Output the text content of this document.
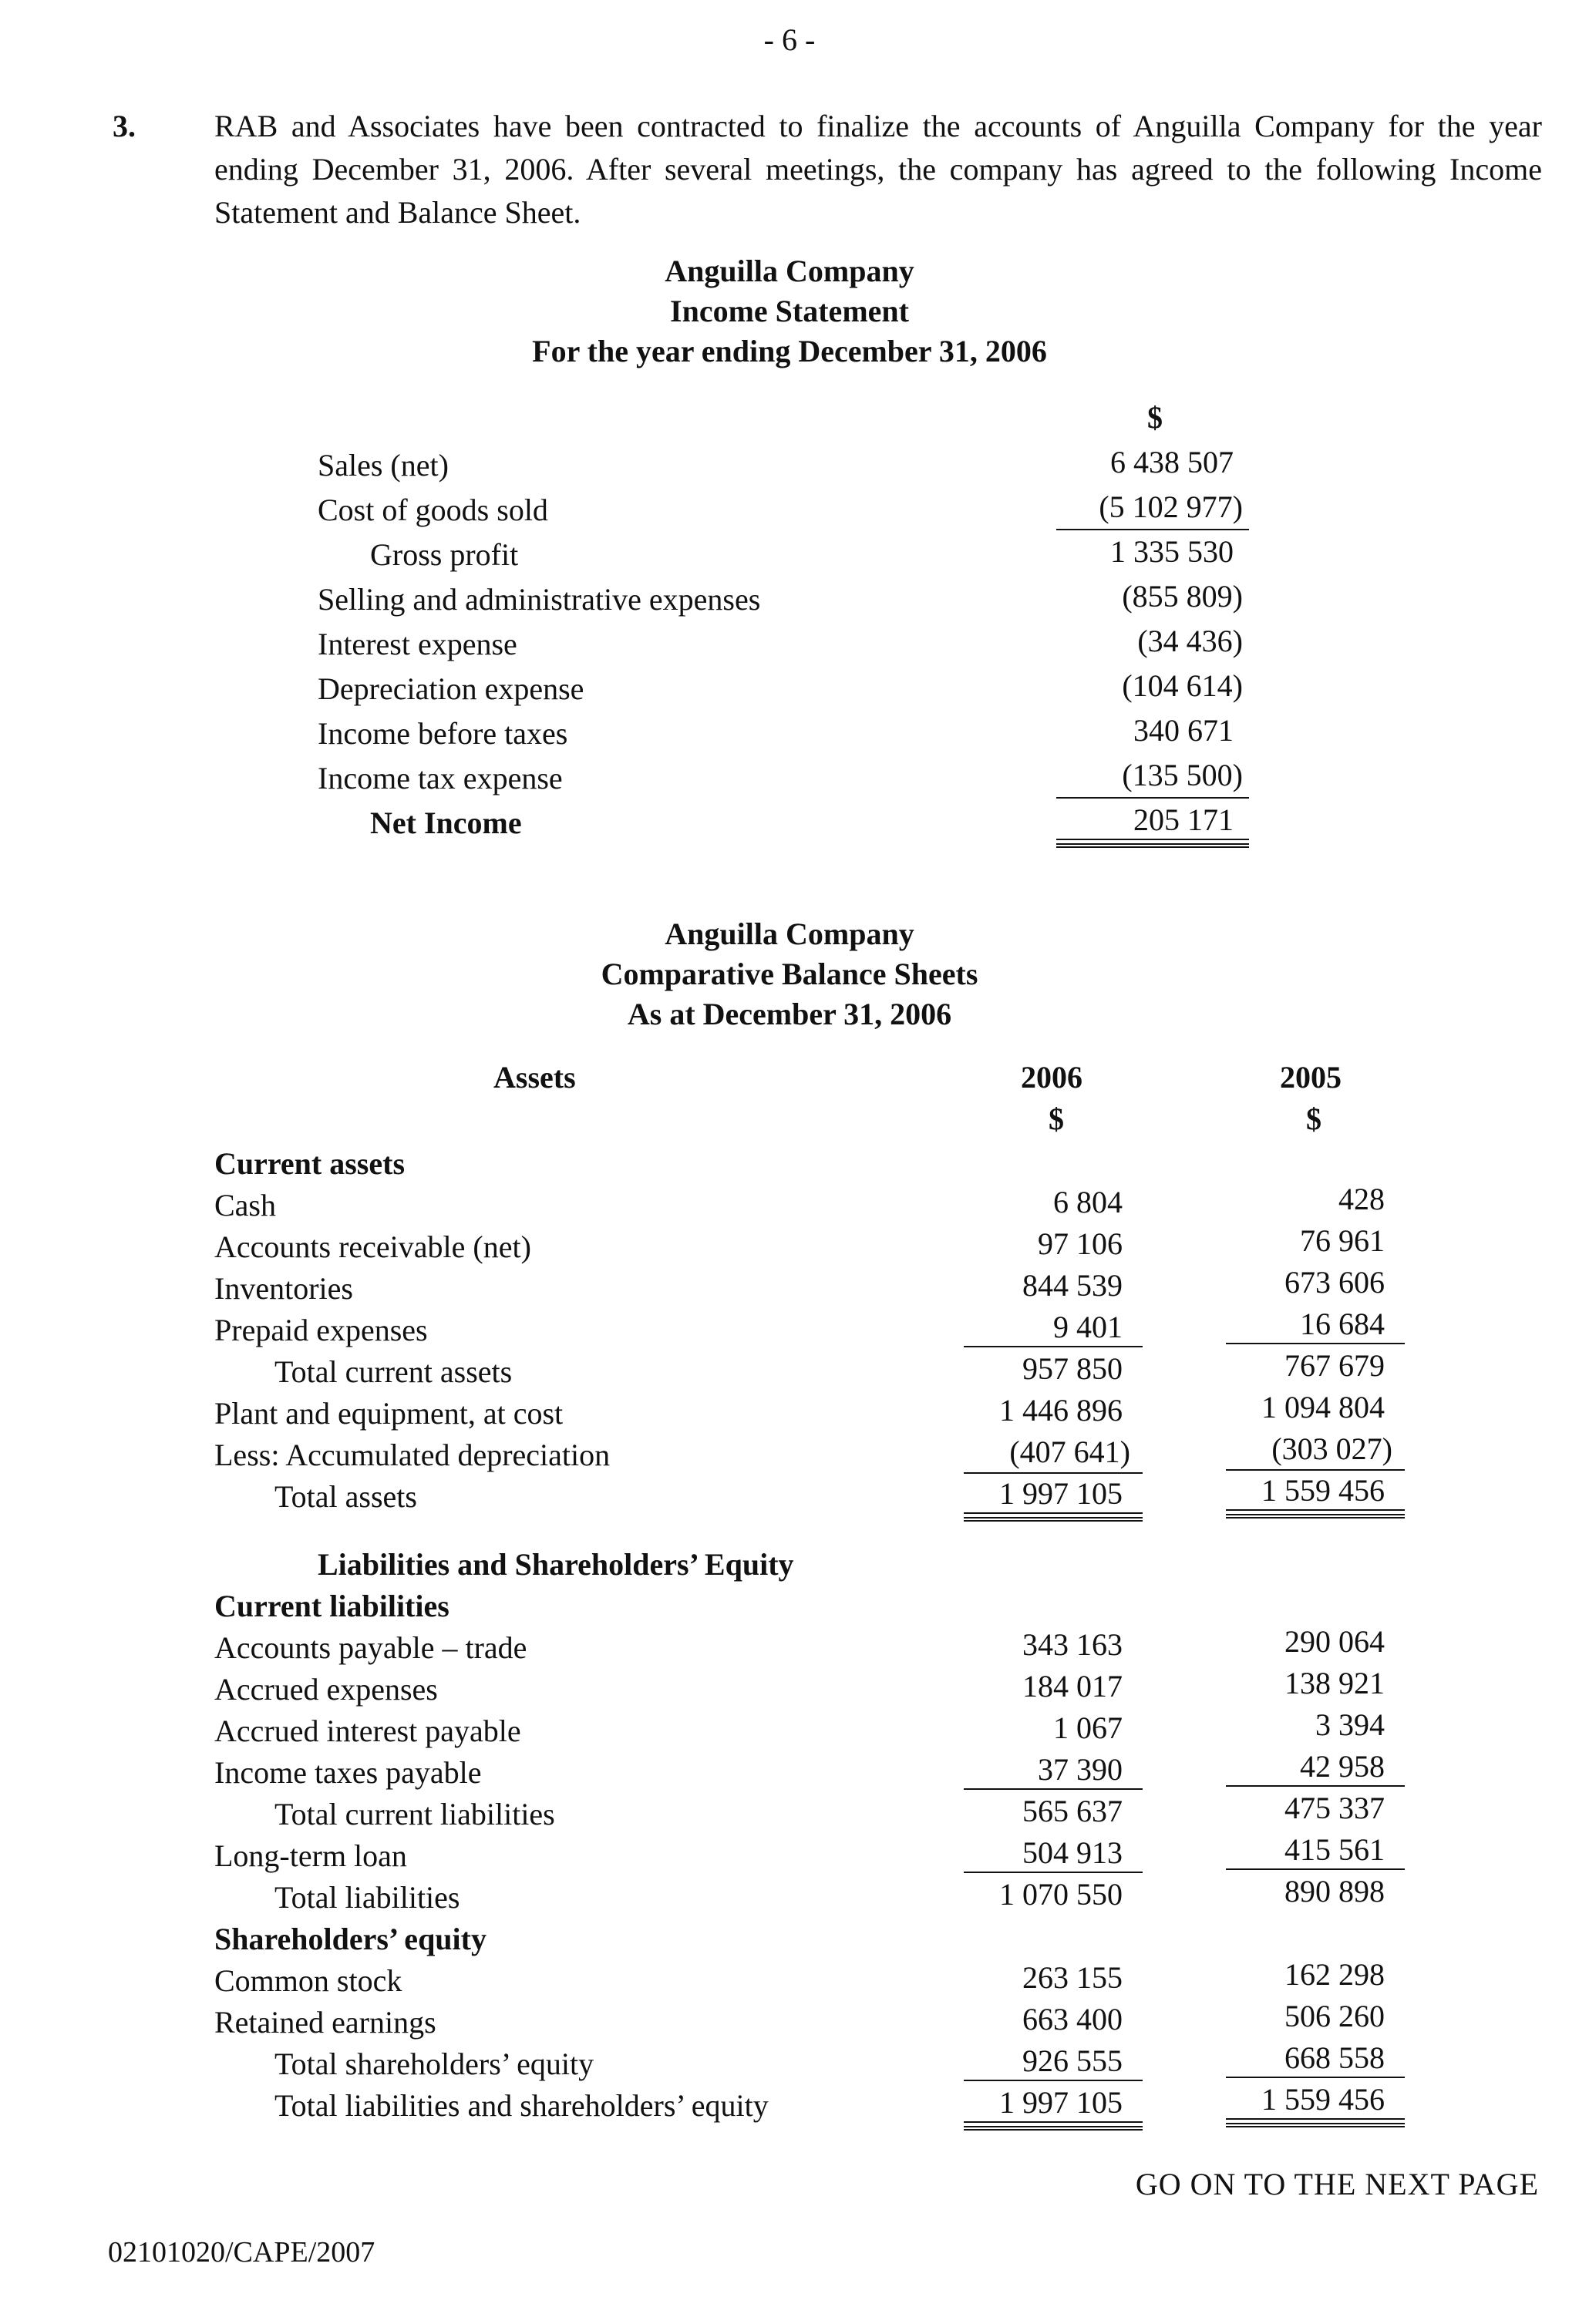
- 6 -
3.	RAB and Associates have been contracted to finalize the accounts of Anguilla Company for the year ending December 31, 2006. After several meetings, the company has agreed to the following Income Statement and Balance Sheet.

Anguilla Company
Income Statement
For the year ending December 31, 2006
$
Sales (net)	6 438 507
Cost of goods sold	(5 102 977)
Gross profit	1 335 530
Selling and administrative expenses	(855 809)
Interest expense	(34 436)
Depreciation expense	(104 614)
Income before taxes	340 671
Income tax expense	(135 500)
Net Income	205 171
Anguilla Company
Comparative Balance Sheets
As at December 31, 2006
Assets	2006	2005
$	$
Current assets
Cash	6 804	428
Accounts receivable (net)	97 106	76 961
Inventories	844 539	673 606
Prepaid expenses	9 401	16 684
Total current assets	957 850	767 679
Plant and equipment, at cost	1 446 896	1 094 804
Less: Accumulated depreciation	(407 641)	(303 027)
Total assets	1 997 105	1 559 456
Liabilities and Shareholders’ Equity
Current liabilities
Accounts payable – trade	343 163	290 064
Accrued expenses	184 017	138 921
Accrued interest payable	1 067	3 394
Income taxes payable	37 390	42 958
Total current liabilities	565 637	475 337
Long-term loan	504 913	415 561
Total liabilities	1 070 550	890 898
Shareholders’ equity
Common stock	263 155	162 298
Retained earnings	663 400	506 260
Total shareholders’ equity	926 555	668 558
Total liabilities and shareholders’ equity	1 997 105	1 559 456
GO ON TO THE NEXT PAGE
02101020/CAPE/2007
